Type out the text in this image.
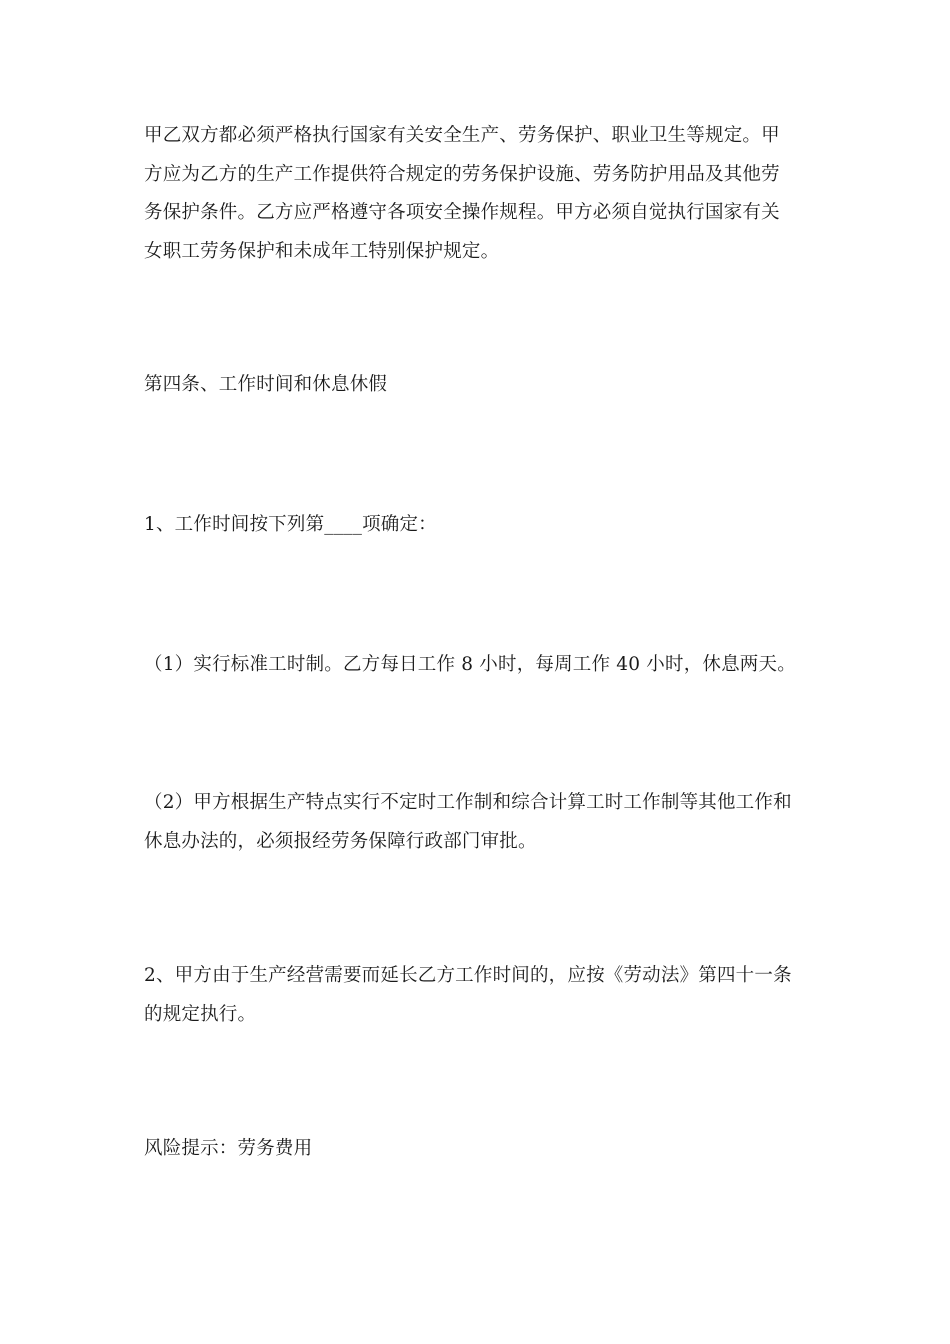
甲乙双方都必须严格执行国家有关安全生产、劳务保护、职业卫生等规定。甲
方应为乙方的生产工作提供符合规定的劳务保护设施、劳务防护用品及其他劳
务保护条件。乙方应严格遵守各项安全操作规程。甲方必须自觉执行国家有关
女职工劳务保护和未成年工特别保护规定。
第四条、工作时间和休息休假
1、工作时间按下列第____项确定：
（1）实行标准工时制。乙方每日工作 8 小时，每周工作 40 小时，休息两天。
（2）甲方根据生产特点实行不定时工作制和综合计算工时工作制等其他工作和
休息办法的，必须报经劳务保障行政部门审批。
2、甲方由于生产经营需要而延长乙方工作时间的，应按《劳动法》第四十一条
的规定执行。
风险提示：劳务费用
